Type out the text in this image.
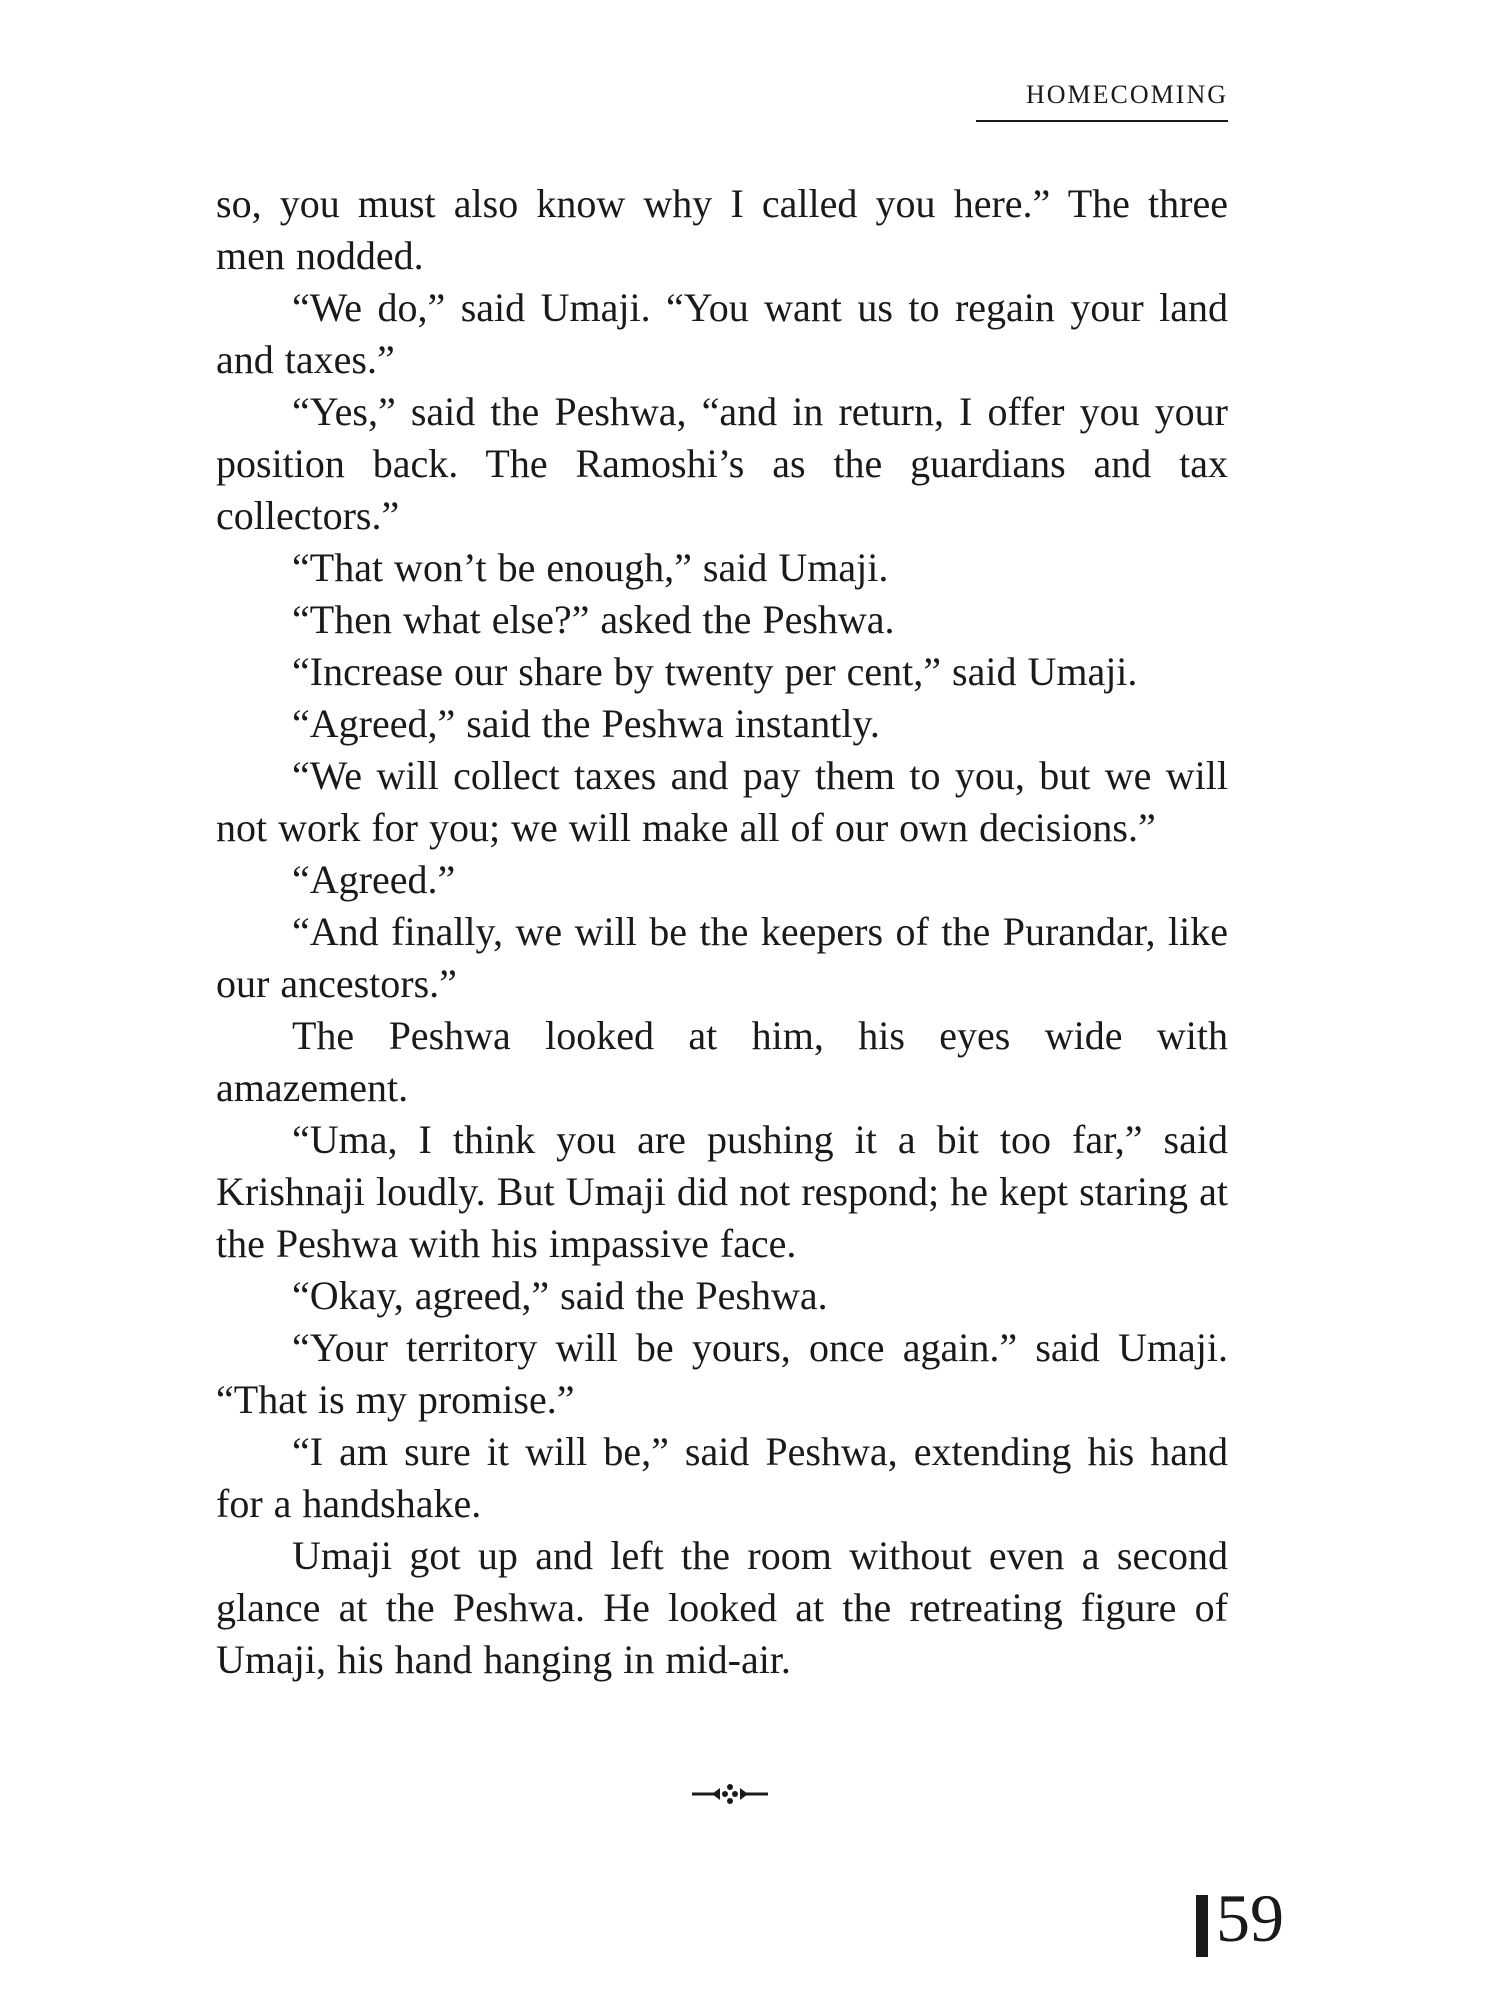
HOMECOMING

so, you must also know why I called you here.” The three men nodded.

“We do,” said Umaji. “You want us to regain your land and taxes.”

“Yes,” said the Peshwa, “and in return, I offer you your position back. The Ramoshi’s as the guardians and tax collectors.”

“That won’t be enough,” said Umaji.

“Then what else?” asked the Peshwa.

“Increase our share by twenty per cent,” said Umaji.

“Agreed,” said the Peshwa instantly.

“We will collect taxes and pay them to you, but we will not work for you; we will make all of our own decisions.”

“Agreed.”

“And finally, we will be the keepers of the Purandar, like our ancestors.”

The Peshwa looked at him, his eyes wide with amazement.

“Uma, I think you are pushing it a bit too far,” said Krishnaji loudly. But Umaji did not respond; he kept staring at the Peshwa with his impassive face.

“Okay, agreed,” said the Peshwa.

“Your territory will be yours, once again.” said Umaji. “That is my promise.”

“I am sure it will be,” said Peshwa, extending his hand for a handshake.

Umaji got up and left the room without even a second glance at the Peshwa. He looked at the retreating figure of Umaji, his hand hanging in mid-air.

59
